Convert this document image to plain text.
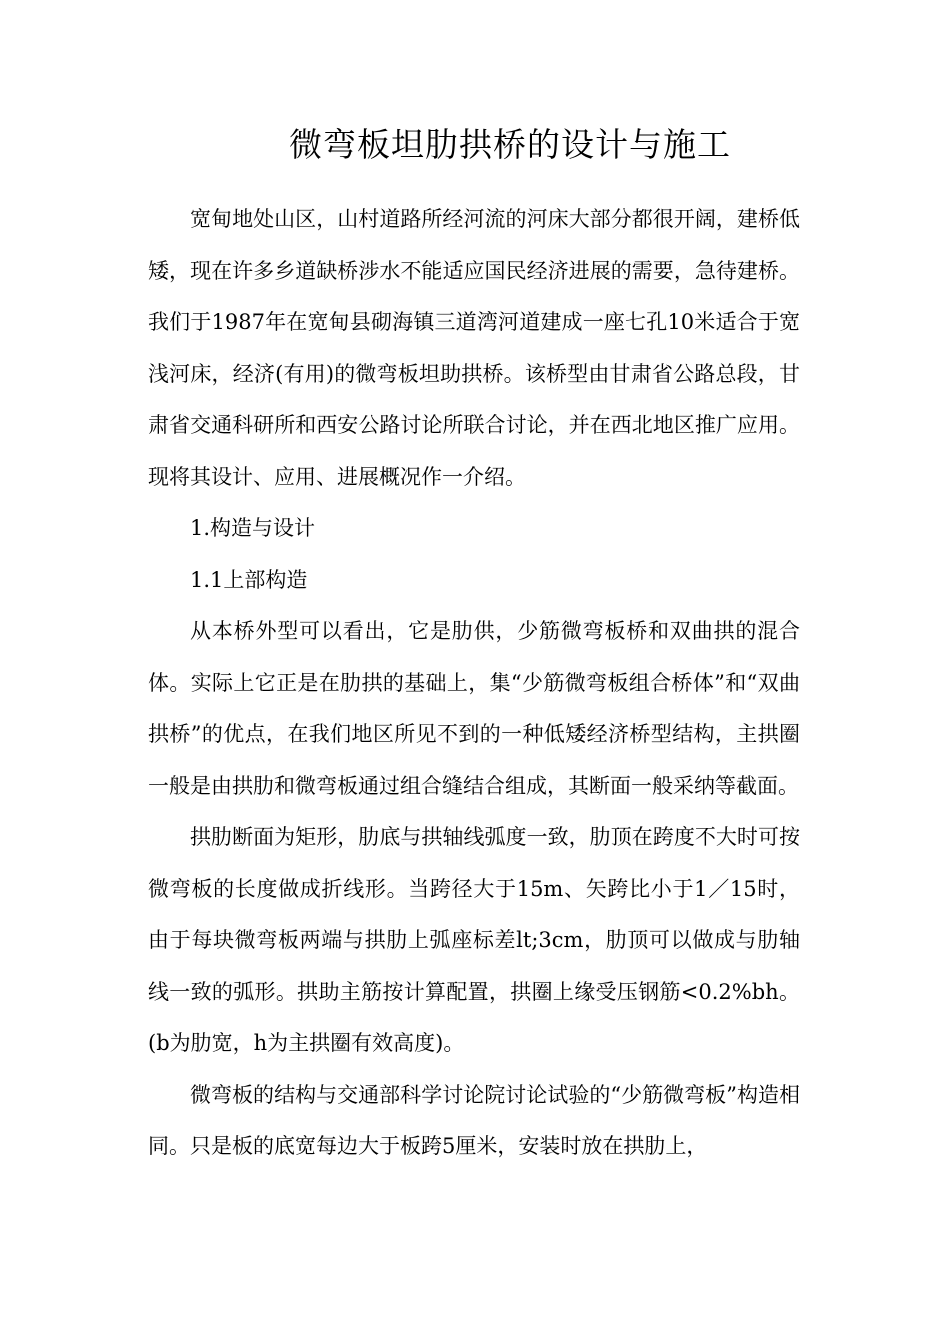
微弯板坦肋拱桥的设计与施工

宽甸地处山区，山村道路所经河流的河床大部分都很开阔，建桥低矮，现在许多乡道缺桥涉水不能适应国民经济进展的需要，急待建桥。我们于1987年在宽甸县砌海镇三道湾河道建成一座七孔10米适合于宽浅河床，经济(有用)的微弯板坦助拱桥。该桥型由甘肃省公路总段，甘肃省交通科研所和西安公路讨论所联合讨论，并在西北地区推广应用。现将其设计、应用、进展概况作一介绍。

1.构造与设计

1.1上部构造

从本桥外型可以看出，它是肋供，少筋微弯板桥和双曲拱的混合体。实际上它正是在肋拱的基础上，集“少筋微弯板组合桥体”和“双曲拱桥”的优点，在我们地区所见不到的一种低矮经济桥型结构，主拱圈一般是由拱肋和微弯板通过组合缝结合组成，其断面一般采纳等截面。

拱肋断面为矩形，肋底与拱轴线弧度一致，肋顶在跨度不大时可按微弯板的长度做成折线形。当跨径大于15m、矢跨比小于1／15时，由于每块微弯板两端与拱肋上弧座标差lt;3cm，肋顶可以做成与肋轴线一致的弧形。拱助主筋按计算配置，拱圈上缘受压钢筋<0.2%bh。(b为肋宽，h为主拱圈有效高度)。

微弯板的结构与交通部科学讨论院讨论试验的“少筋微弯板”构造相同。只是板的底宽每边大于板跨5厘米，安装时放在拱肋上，
